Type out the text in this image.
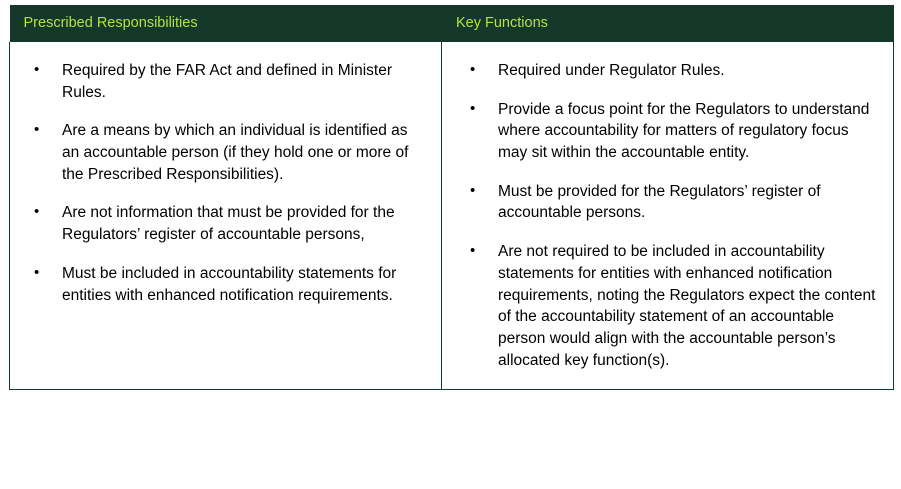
Prescribed Responsibilities	Key Functions

• Required by the FAR Act and defined in Minister Rules.
• Are a means by which an individual is identified as an accountable person (if they hold one or more of the Prescribed Responsibilities).
• Are not information that must be provided for the Regulators’ register of accountable persons,
• Must be included in accountability statements for entities with enhanced notification requirements.

• Required under Regulator Rules.
• Provide a focus point for the Regulators to understand where accountability for matters of regulatory focus may sit within the accountable entity.
• Must be provided for the Regulators’ register of accountable persons.
• Are not required to be included in accountability statements for entities with enhanced notification requirements, noting the Regulators expect the content of the accountability statement of an accountable person would align with the accountable person’s allocated key function(s).
